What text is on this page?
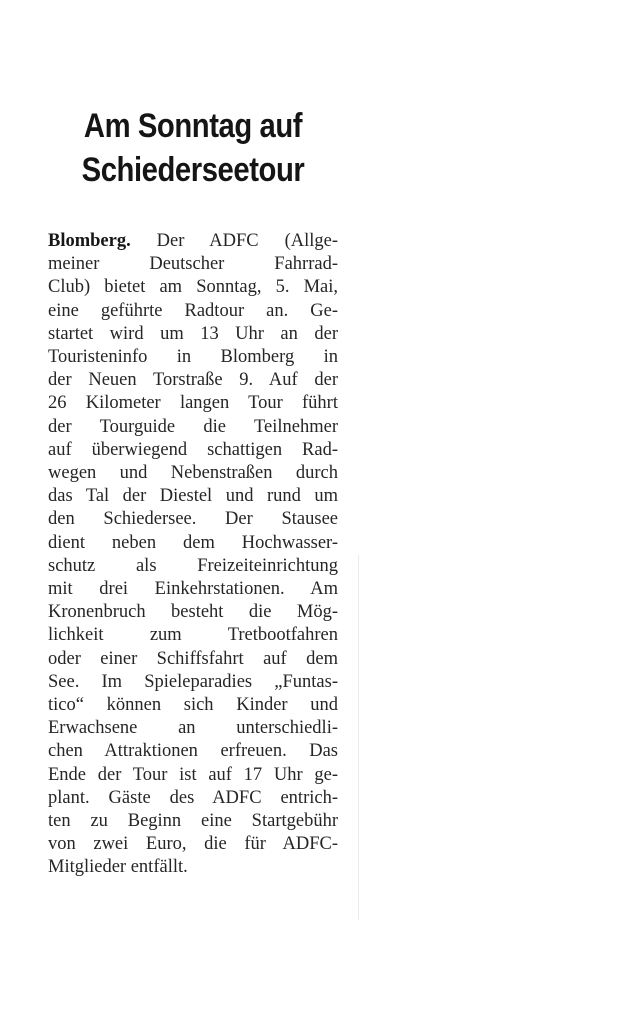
Am Sonntag auf
Schiederseetour
Blomberg. Der ADFC (Allge-
meiner Deutscher Fahrrad-
Club) bietet am Sonntag, 5. Mai,
eine geführte Radtour an. Ge-
startet wird um 13 Uhr an der
Touristeninfo in Blomberg in
der Neuen Torstraße 9. Auf der
26 Kilometer langen Tour führt
der Tourguide die Teilnehmer
auf überwiegend schattigen Rad-
wegen und Nebenstraßen durch
das Tal der Diestel und rund um
den Schiedersee. Der Stausee
dient neben dem Hochwasser-
schutz als Freizeiteinrichtung
mit drei Einkehrstationen. Am
Kronenbruch besteht die Mög-
lichkeit zum Tretbootfahren
oder einer Schiffsfahrt auf dem
See. Im Spieleparadies „Funtas-
tico“ können sich Kinder und
Erwachsene an unterschiedli-
chen Attraktionen erfreuen. Das
Ende der Tour ist auf 17 Uhr ge-
plant. Gäste des ADFC entrich-
ten zu Beginn eine Startgebühr
von zwei Euro, die für ADFC-
Mitglieder entfällt.
